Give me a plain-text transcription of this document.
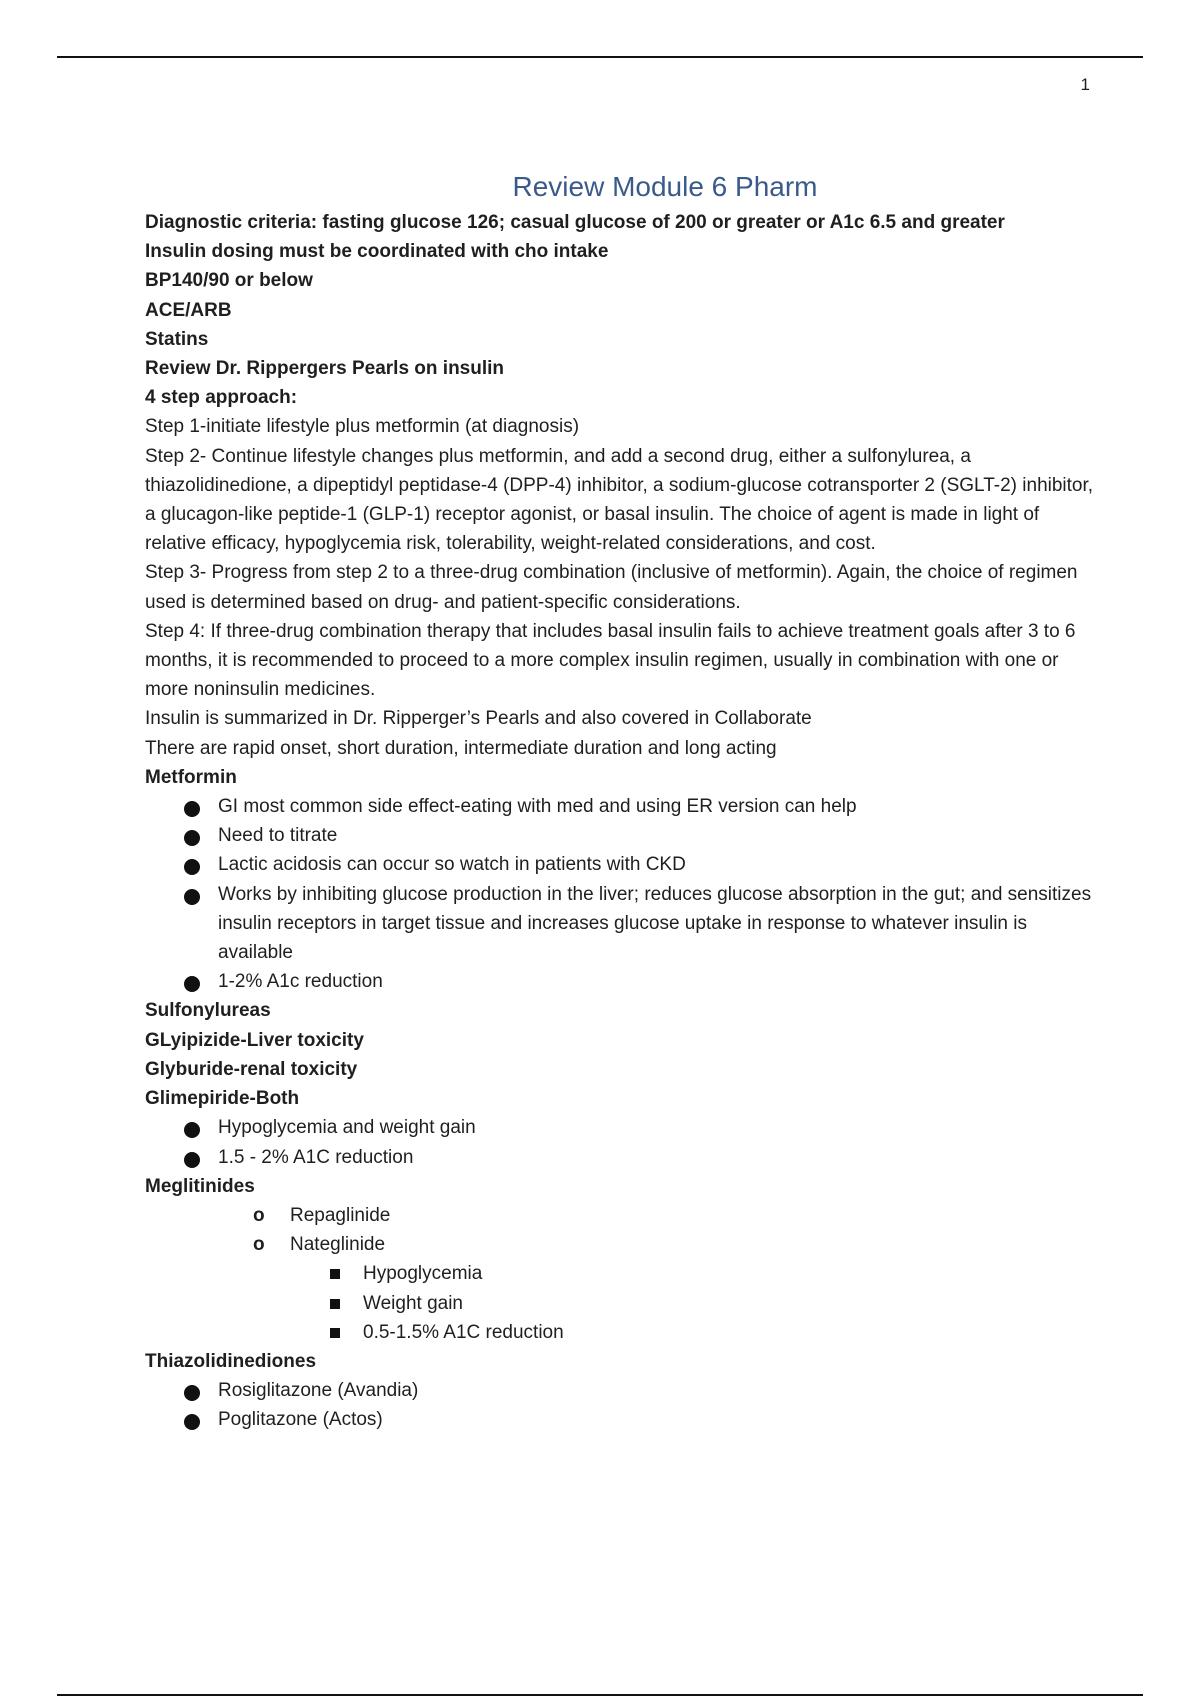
1
Review Module 6 Pharm

Diagnostic criteria: fasting glucose 126; casual glucose of 200 or greater or A1c 6.5 and greater

Insulin dosing must be coordinated with cho intake

BP140/90 or below

ACE/ARB

Statins

Review Dr. Rippergers Pearls on insulin

4 step approach:

Step 1-initiate lifestyle plus metformin (at diagnosis)

Step 2- Continue lifestyle changes plus metformin, and add a second drug, either a sulfonylurea, a thiazolidinedione, a dipeptidyl peptidase-4 (DPP-4) inhibitor, a sodium-glucose cotransporter 2 (SGLT-2) inhibitor, a glucagon-like peptide-1 (GLP-1) receptor agonist, or basal insulin. The choice of agent is made in light of relative efficacy, hypoglycemia risk, tolerability, weight-related considerations, and cost.

Step 3- Progress from step 2 to a three-drug combination (inclusive of metformin). Again, the choice of regimen used is determined based on drug- and patient-specific considerations.

Step 4: If three-drug combination therapy that includes basal insulin fails to achieve treatment goals after 3 to 6 months, it is recommended to proceed to a more complex insulin regimen, usually in combination with one or more noninsulin medicines.

Insulin is summarized in Dr. Ripperger’s Pearls and also covered in Collaborate

There are rapid onset, short duration, intermediate duration and long acting

Metformin

GI most common side effect-eating with med and using ER version can help
Need to titrate
Lactic acidosis can occur so watch in patients with CKD
Works by inhibiting glucose production in the liver; reduces glucose absorption in the gut; and sensitizes insulin receptors in target tissue and increases glucose uptake in response to whatever insulin is available
1-2% A1c reduction

Sulfonylureas

GLyipizide-Liver toxicity

Glyburide-renal toxicity

Glimepiride-Both

Hypoglycemia and weight gain
1.5 - 2% A1C reduction

Meglitinides

o Repaglinide
o Nateglinide
Hypoglycemia
Weight gain
0.5-1.5% A1C reduction

Thiazolidinediones

Rosiglitazone (Avandia)
Poglitazone (Actos)
